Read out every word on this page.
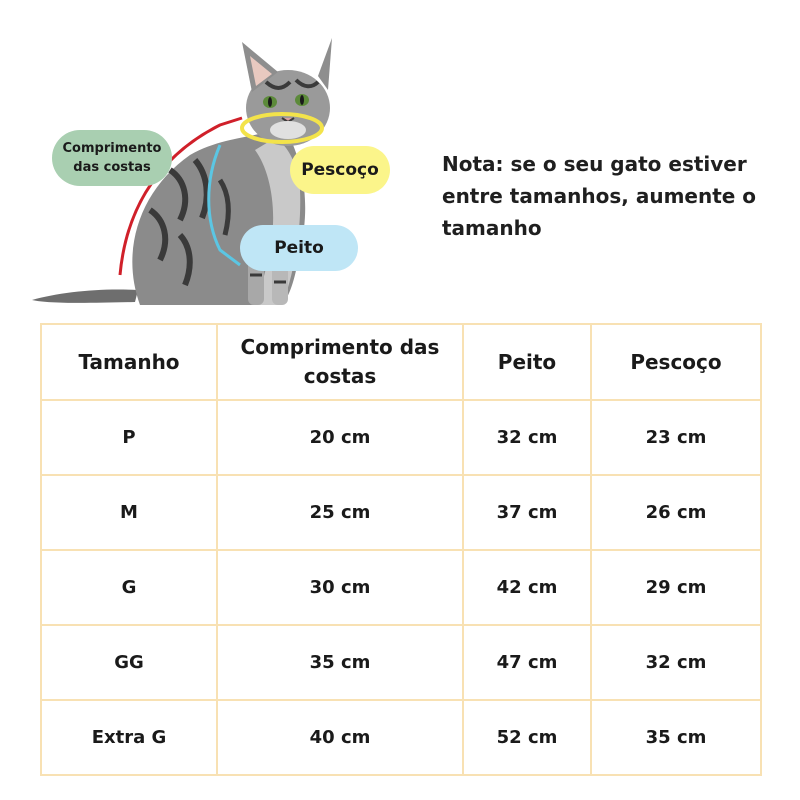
Comprimento das costas	Pescoço
Peito
Nota: se o seu gato estiver entre tamanhos, aumente o tamanho
Tamanho	Comprimento das costas	Peito	Pescoço
P	20 cm	32 cm	23 cm
M	25 cm	37 cm	26 cm
G	30 cm	42 cm	29 cm
GG	35 cm	47 cm	32 cm
Extra G	40 cm	52 cm	35 cm
